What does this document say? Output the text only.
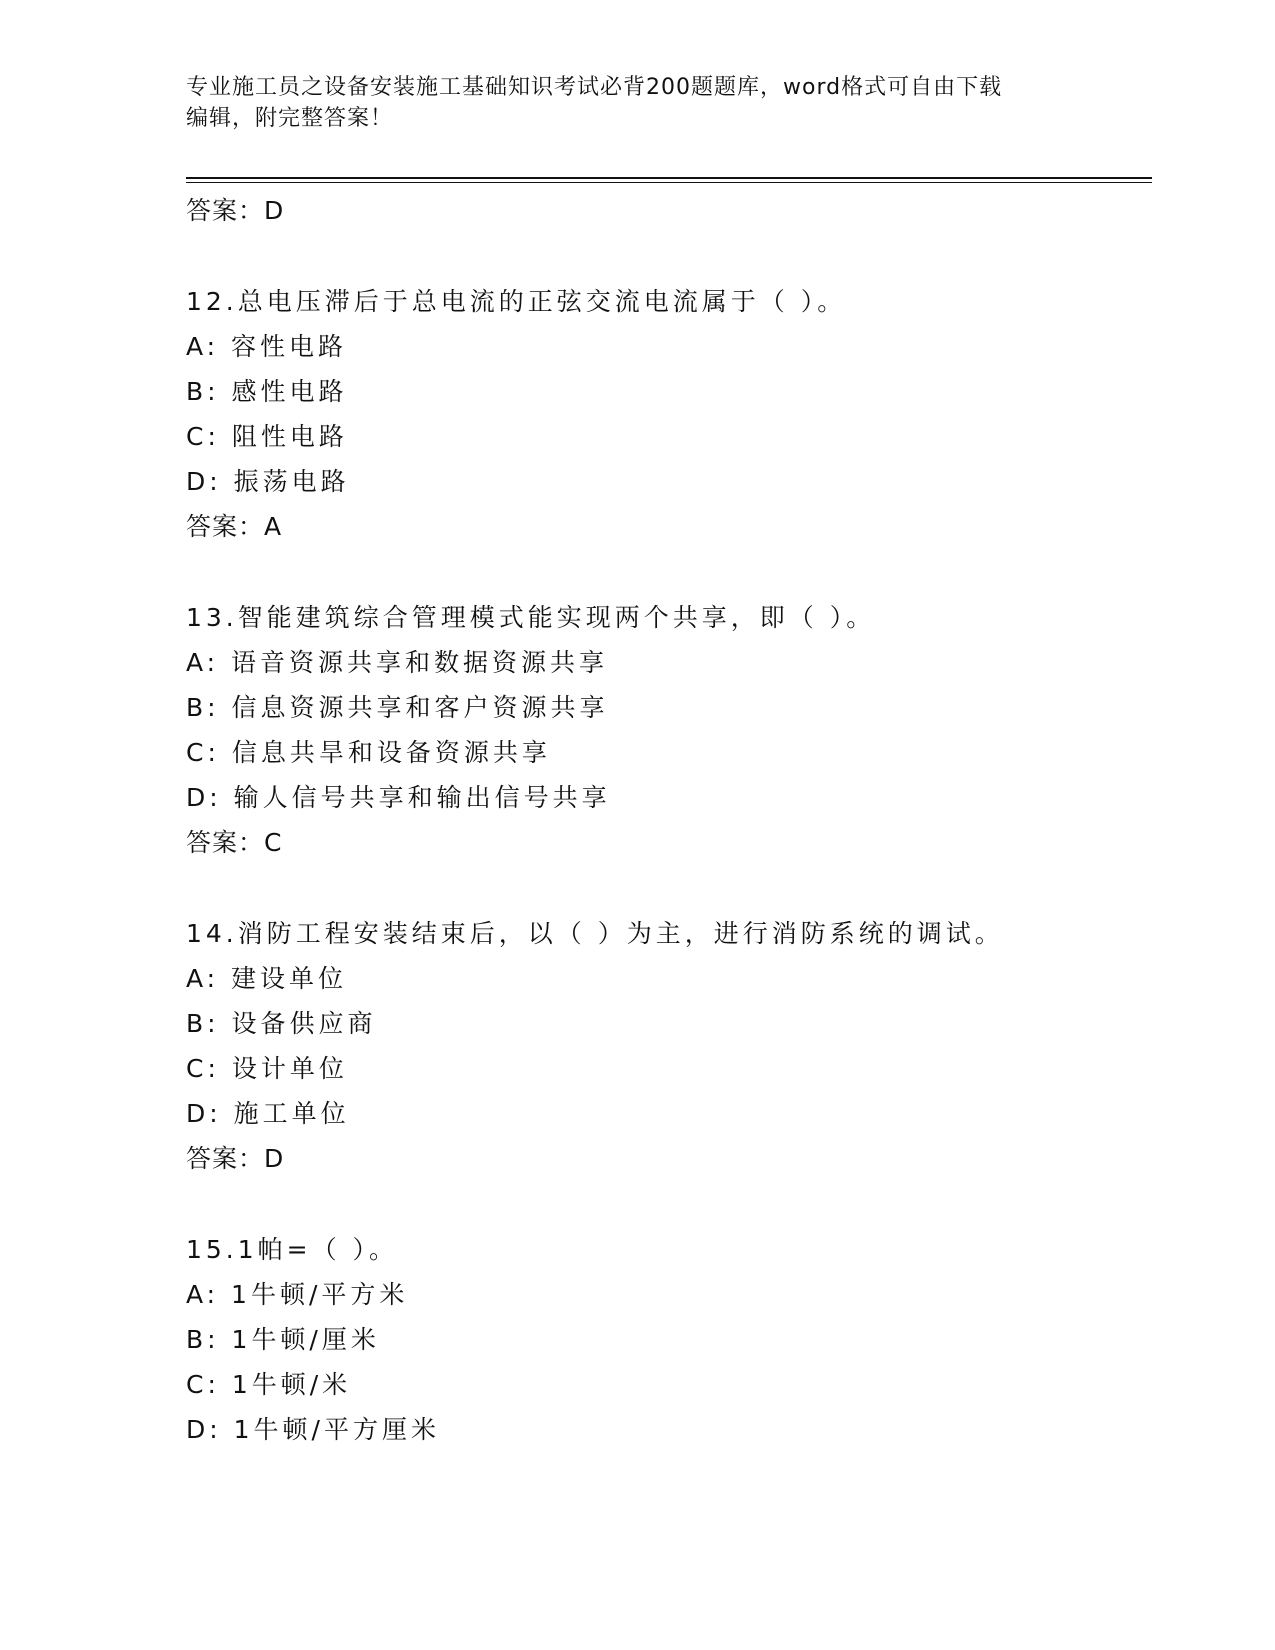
专业施工员之设备安装施工基础知识考试必背200题题库，word格式可自由下载
编辑，附完整答案！
答案：D
12.总电压滞后于总电流的正弦交流电流属于（ ）。
A: 容性电路
B: 感性电路
C: 阻性电路
D: 振荡电路
答案：A
13.智能建筑综合管理模式能实现两个共享，即（ ）。
A: 语音资源共享和数据资源共享
B: 信息资源共享和客户资源共享
C: 信息共旱和设备资源共享
D: 输人信号共享和输出信号共享
答案：C
14.消防工程安装结束后，以（ ）为主，进行消防系统的调试。
A: 建设单位
B: 设备供应商
C: 设计单位
D: 施工单位
答案：D
15.1帕=（ ）。
A: 1牛顿/平方米
B: 1牛顿/厘米
C: 1牛顿/米
D: 1牛顿/平方厘米
